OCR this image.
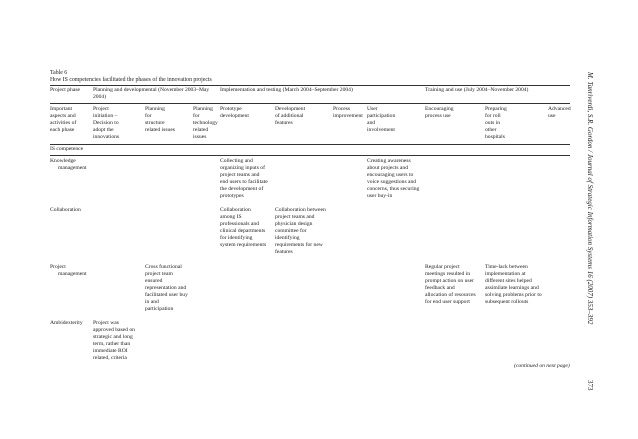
Table 6
How IS competencies facilitated the phases of the innovation projects
Project phase Planning and developmental (November 2003–May
2004)
Implementation and testing (March 2004–September 2004)	Training and use (July 2004–November 2004)
Important
aspects and
activities of
each phase
Project
initiation –
Decision to
adopt the
innovations
Planning
for
structure
related issues
Planning
for
technology
related
issues
Prototype
development
Development
of additional
features
Process
improvement
User
participation
and
involvement
Encouraging
process use
Preparing
for roll
outs in
other
hospitals
Advanced
use
IS competence
Knowledge
management
Collecting and
organizing inputs of
project teams and
end users to facilitate
the development of
prototypes
Creating awareness
about projects and
encouraging users to
voice suggestions and
concerns, thus securing
user buy-in
Collaboration	Collaboration
among IS
professionals and
clinical departments
for identifying
system requirements
Collaboration between
project teams and
physician design
committee for
identifying
requirements for new
features
Project
management
Cross functional
project team
ensured
representation and
facilitated user buy
in and
participation
Regular project
meetings resulted in
prompt action on user
feedback and
allocation of resources
for end user support
Time-lack between
implementation at
different sites helped
assimilate learnings and
solving problems prior to
subsequent rollouts
Ambidexterity Project was
approved based on
strategic and long
term, rather than
immediate ROI
related, criteria
(continued on next page)
M. Tanriverdi, S.R. Gordon / Journal of Strategic Information Systems 16 (2007) 353–392
373
